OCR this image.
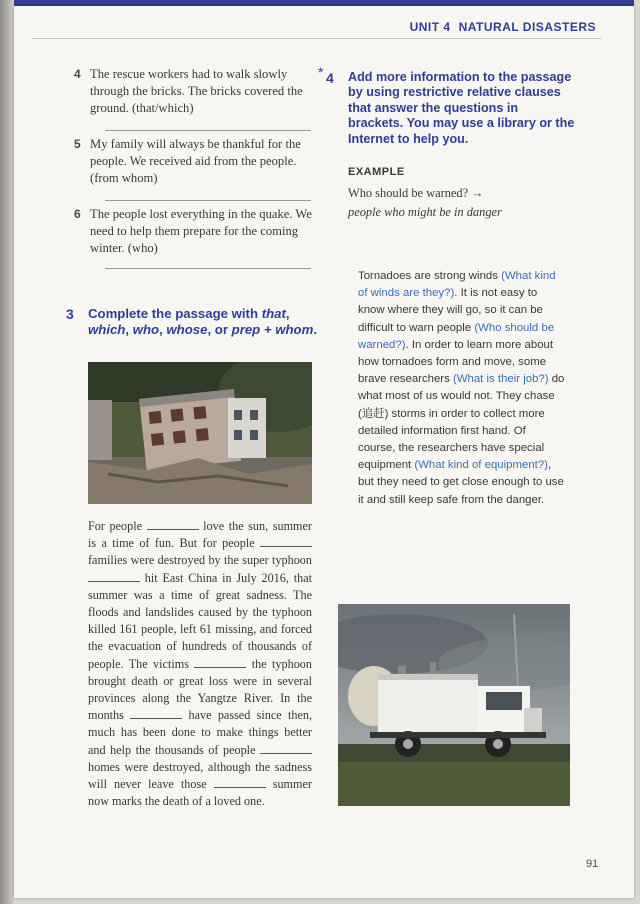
UNIT 4 NATURAL DISASTERS
4 The rescue workers had to walk slowly through the bricks. The bricks covered the ground. (that/which)
5 My family will always be thankful for the people. We received aid from the people. (from whom)
6 The people lost everything in the quake. We need to help them prepare for the coming winter. (who)
3 Complete the passage with that, which, who, whose, or prep + whom.
For people	love the sun, summer is a time of fun. But for people  families were destroyed by the super typhoon  hit East China in July 2016, that summer was a time of great sadness. The floods and landslides caused by the typhoon killed 161 people, left 61 missing, and forced the evacuation of hundreds of thousands of people. The victims	the typhoon brought death or great loss were in several provinces along the Yangtze River. In the months	have passed since then, much has been done to make things better and help the thousands of people  homes were destroyed, although the sadness will never leave those	summer now marks the death of a loved one.
* 4 Add more information to the passage by using restrictive relative clauses that answer the questions in brackets. You may use a library or the Internet to help you.
EXAMPLE
Who should be warned? →
people who might be in danger
Tornadoes are strong winds (What kind of winds are they?). It is not easy to know where they will go, so it can be difficult to warn people (Who should be warned?). In order to learn more about how tornadoes form and move, some brave researchers (What is their job?) do what most of us would not. They chase (追赶) storms in order to collect more detailed information first hand. Of course, the researchers have special equipment (What kind of equipment?), but they need to get close enough to use it and still keep safe from the danger.
91
